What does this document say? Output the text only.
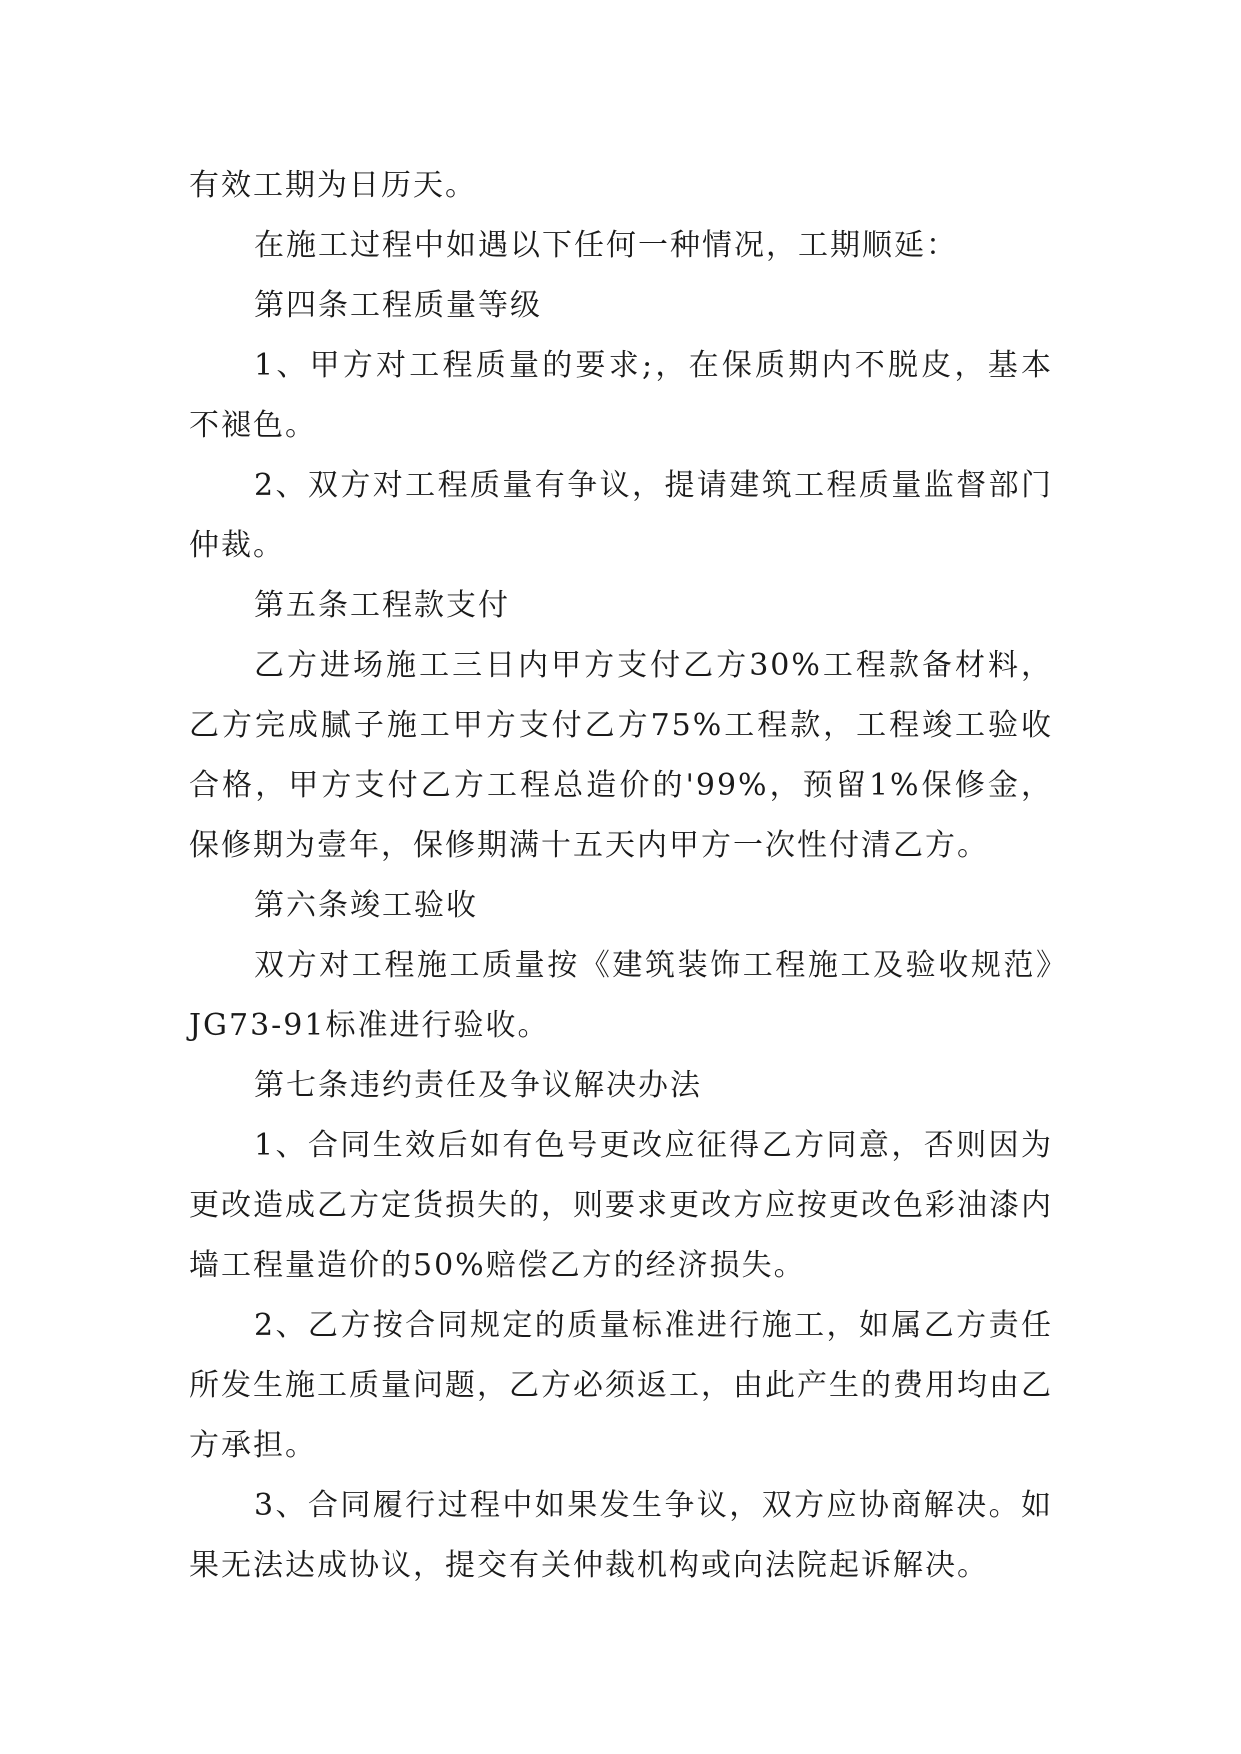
有效工期为日历天。

在施工过程中如遇以下任何一种情况，工期顺延：

第四条工程质量等级

1、甲方对工程质量的要求;，在保质期内不脱皮，基本不褪色。

2、双方对工程质量有争议，提请建筑工程质量监督部门仲裁。

第五条工程款支付

乙方进场施工三日内甲方支付乙方30%工程款备材料，乙方完成腻子施工甲方支付乙方75%工程款，工程竣工验收合格，甲方支付乙方工程总造价的'99%，预留1%保修金，保修期为壹年，保修期满十五天内甲方一次性付清乙方。

第六条竣工验收

双方对工程施工质量按《建筑装饰工程施工及验收规范》JG73-91标准进行验收。

第七条违约责任及争议解决办法

1、合同生效后如有色号更改应征得乙方同意，否则因为更改造成乙方定货损失的，则要求更改方应按更改色彩油漆内墙工程量造价的50%赔偿乙方的经济损失。

2、乙方按合同规定的质量标准进行施工，如属乙方责任所发生施工质量问题，乙方必须返工，由此产生的费用均由乙方承担。

3、合同履行过程中如果发生争议，双方应协商解决。如果无法达成协议，提交有关仲裁机构或向法院起诉解决。
